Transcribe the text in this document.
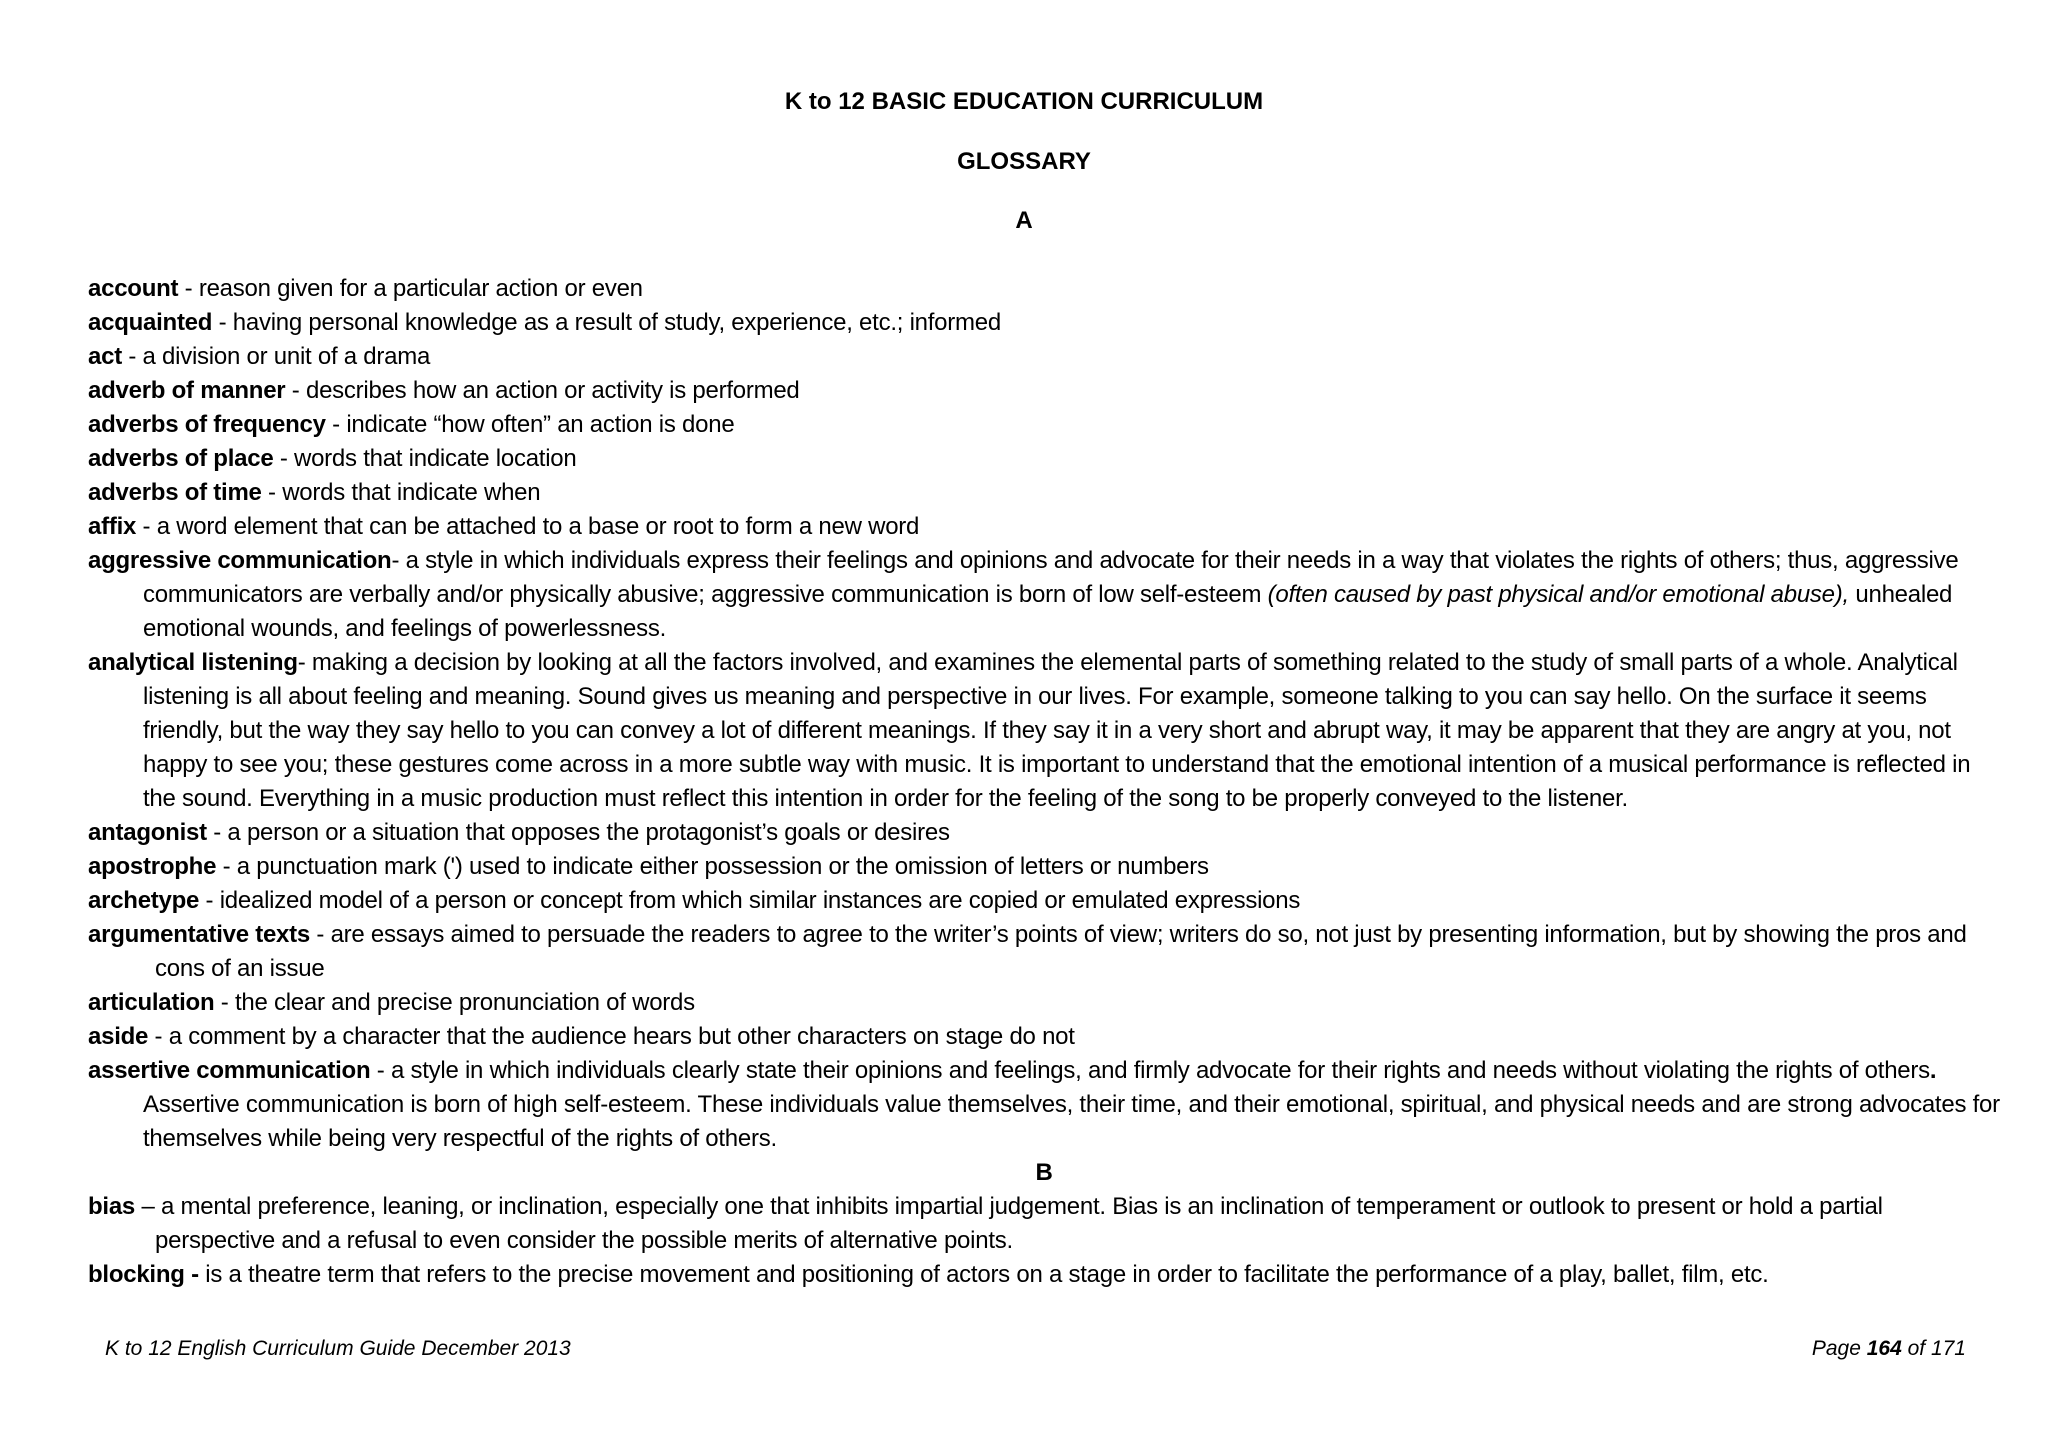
K to 12 BASIC EDUCATION CURRICULUM
GLOSSARY
A

account - reason given for a particular action or even

acquainted - having personal knowledge as a result of study, experience, etc.; informed

act - a division or unit of a drama

adverb of manner - describes how an action or activity is performed

adverbs of frequency - indicate “how often” an action is done

adverbs of place - words that indicate location

adverbs of time - words that indicate when

affix - a word element that can be attached to a base or root to form a new word

aggressive communication- a style in which individuals express their feelings and opinions and advocate for their needs in a way that violates the rights of others; thus, aggressive communicators are verbally and/or physically abusive; aggressive communication is born of low self-esteem (often caused by past physical and/or emotional abuse), unhealed emotional wounds, and feelings of powerlessness.

analytical listening- making a decision by looking at all the factors involved, and examines the elemental parts of something related to the study of small parts of a whole. Analytical listening is all about feeling and meaning. Sound gives us meaning and perspective in our lives. For example, someone talking to you can say hello. On the surface it seems friendly, but the way they say hello to you can convey a lot of different meanings. If they say it in a very short and abrupt way, it may be apparent that they are angry at you, not happy to see you; these gestures come across in a more subtle way with music. It is important to understand that the emotional intention of a musical performance is reflected in the sound. Everything in a music production must reflect this intention in order for the feeling of the song to be properly conveyed to the listener.

antagonist - a person or a situation that opposes the protagonist’s goals or desires

apostrophe - a punctuation mark (') used to indicate either possession or the omission of letters or numbers

archetype - idealized model of a person or concept from which similar instances are copied or emulated expressions

argumentative texts - are essays aimed to persuade the readers to agree to the writer’s points of view; writers do so, not just by presenting information, but by showing the pros and cons of an issue

articulation - the clear and precise pronunciation of words

aside - a comment by a character that the audience hears but other characters on stage do not

assertive communication - a style in which individuals clearly state their opinions and feelings, and firmly advocate for their rights and needs without violating the rights of others. Assertive communication is born of high self-esteem. These individuals value themselves, their time, and their emotional, spiritual, and physical needs and are strong advocates for themselves while being very respectful of the rights of others.

B

bias – a mental preference, leaning, or inclination, especially one that inhibits impartial judgement. Bias is an inclination of temperament or outlook to present or hold a partial perspective and a refusal to even consider the possible merits of alternative points.

blocking - is a theatre term that refers to the precise movement and positioning of actors on a stage in order to facilitate the performance of a play, ballet, film, etc.

K to 12 English Curriculum Guide December 2013	Page 164 of 171
